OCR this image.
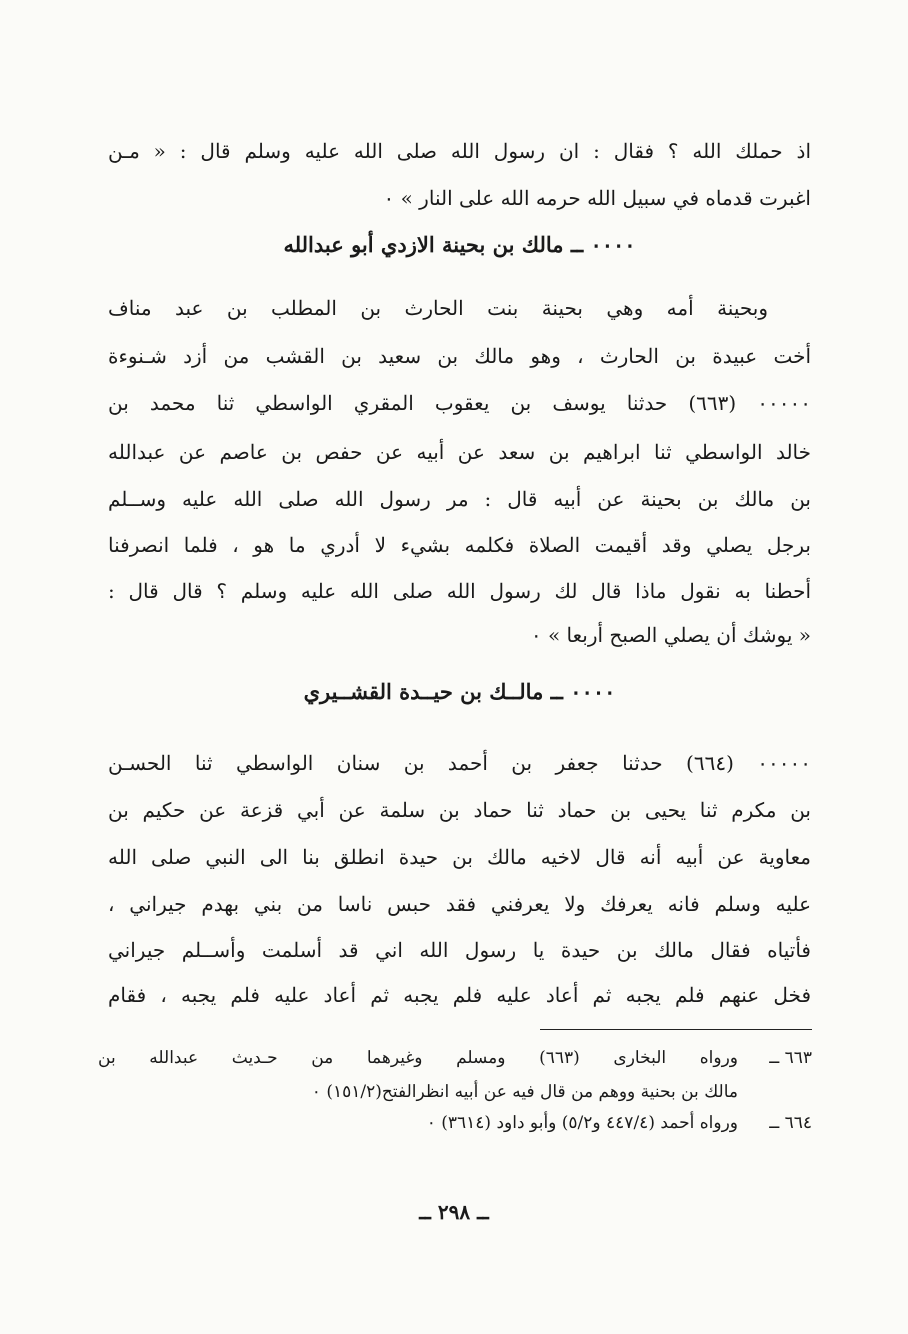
اذ حملك الله ؟ فقال : ان رسول الله صلى الله عليه وسلم قال : « مـن
اغبرت قدماه في سبيل الله حرمه الله على النار » ٠
٠٠٠٠ ــ مالك بن بحينة الازدي أبو عبدالله
وبحينة أمه وهي بحينة بنت الحارث بن المطلب بن عبد مناف
أخت عبيدة بن الحارث ، وهو مالك بن سعيد بن القشب من أزد شـنوءة
٠٠٠٠٠ (٦٦٣) حدثنا يوسف بن يعقوب المقري الواسطي ثنا محمد بن
خالد الواسطي ثنا ابراهيم بن سعد عن أبيه عن حفص بن عاصم عن عبدالله
بن مالك بن بحينة عن أبيه قال : مر رسول الله صلى الله عليه وســلم
برجل يصلي وقد أقيمت الصلاة فكلمه بشيء لا أدري ما هو ، فلما انصرفنا
أحطنا به نقول ماذا قال لك رسول الله صلى الله عليه وسلم ؟ قال قال :
« يوشك أن يصلي الصبح أربعا » ٠
٠٠٠٠ ــ مالــك بن حيــدة القشــيري
٠٠٠٠٠ (٦٦٤) حدثنا جعفر بن أحمد بن سنان الواسطي ثنا الحسـن
بن مكرم ثنا يحيى بن حماد ثنا حماد بن سلمة عن أبي قزعة عن حكيم بن
معاوية عن أبيه أنه قال لاخيه مالك بن حيدة انطلق بنا الى النبي صلى الله
عليه وسلم فانه يعرفك ولا يعرفني فقد حبس ناسا من بني بهدم جيراني ،
فأتياه فقال مالك بن حيدة يا رسول الله اني قد أسلمت وأســلم جيراني
فخل عنهم فلم يجبه ثم أعاد عليه فلم يجبه ثم أعاد عليه فلم يجبه ، فقام
٦٦٣ ــ
ورواه البخارى (٦٦٣) ومسلم وغيرهما من حـديث عبدالله بن
مالك بن بحنية ووهم من قال فيه عن أبيه انظرالفتح(١٥١/٢) ٠
٦٦٤ ــ
ورواه أحمد (٤٤٧/٤ و٥/٢) وأبو داود (٣٦١٤) ٠
ــ ٢٩٨ ــ
